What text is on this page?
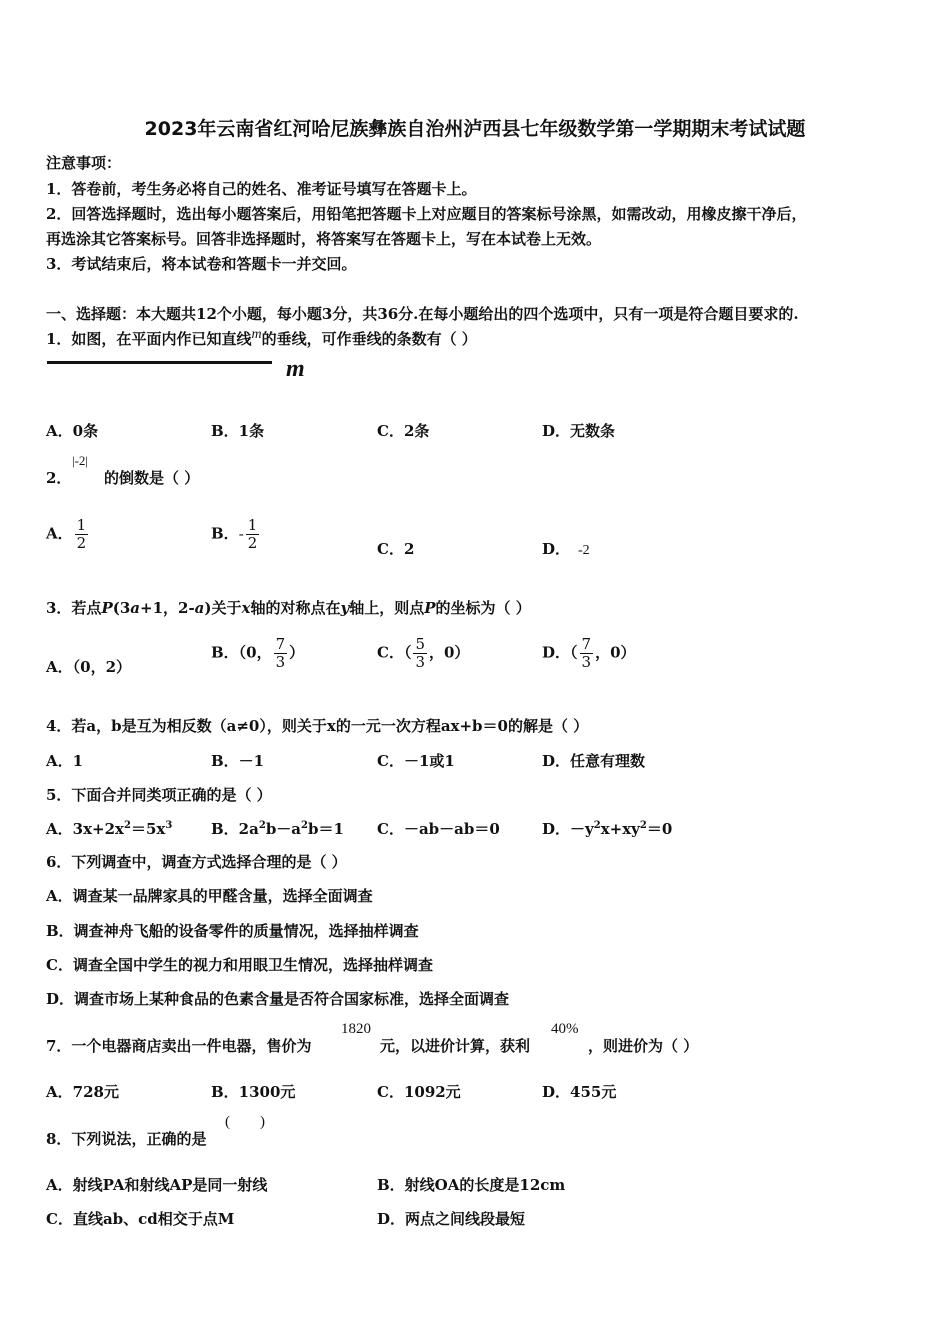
2023年云南省红河哈尼族彝族自治州泸西县七年级数学第一学期期末考试试题
注意事项：
1．答卷前，考生务必将自己的姓名、准考证号填写在答题卡上。
2．回答选择题时，选出每小题答案后，用铅笔把答题卡上对应题目的答案标号涂黑，如需改动，用橡皮擦干净后，
再选涂其它答案标号。回答非选择题时，将答案写在答题卡上，写在本试卷上无效。
3．考试结束后，将本试卷和答题卡一并交回。
一、选择题：本大题共12个小题，每小题3分，共36分.在每小题给出的四个选项中，只有一项是符合题目要求的.
1．如图，在平面内作已知直线m的垂线，可作垂线的条数有（ ）
m
A．0条	B．1条	C．2条	D．无数条
2．
|-2|
的倒数是（ ）
A． $\frac{1}{2}$	B．- $\frac{1}{2}$	C．2	D． -2
3．若点P(3a+1，2-a)关于x轴的对称点在y轴上，则点P的坐标为（ ）
A．（0，2）
B．（0， $\frac{7}{3}$ ）	C．（ $\frac{5}{3}$ ，0）	D．（ $\frac{7}{3}$ ，0）
4．若a，b是互为相反数（a≠0），则关于x的一元一次方程ax+b＝0的解是（ ）
A．1	B．－1	C．－1或1	D．任意有理数
5．下面合并同类项正确的是（ ）
A．$3x+2x^2=5x^3$	B．$2a^2b-a^2b=1$ C．－ab－ab＝0	D．$-y^2x+xy^2=0$
6．下列调查中，调查方式选择合理的是（ ）
A．调查某一品牌家具的甲醛含量，选择全面调查
B．调查神舟飞船的设备零件的质量情况，选择抽样调查
C．调查全国中学生的视力和用眼卫生情况，选择抽样调查
D．调查市场上某种食品的色素含量是否符合国家标准，选择全面调查
7．一个电器商店卖出一件电器，售价为
1820
元，以进价计算，获利
40%
，则进价为（ ）
A．728元	B．1300元	C．1092元	D．455元
8．下列说法，正确的是
(        )
A．射线PA和射线AP是同一射线	B．射线OA的长度是12cm
C．直线ab、cd相交于点M	D．两点之间线段最短
